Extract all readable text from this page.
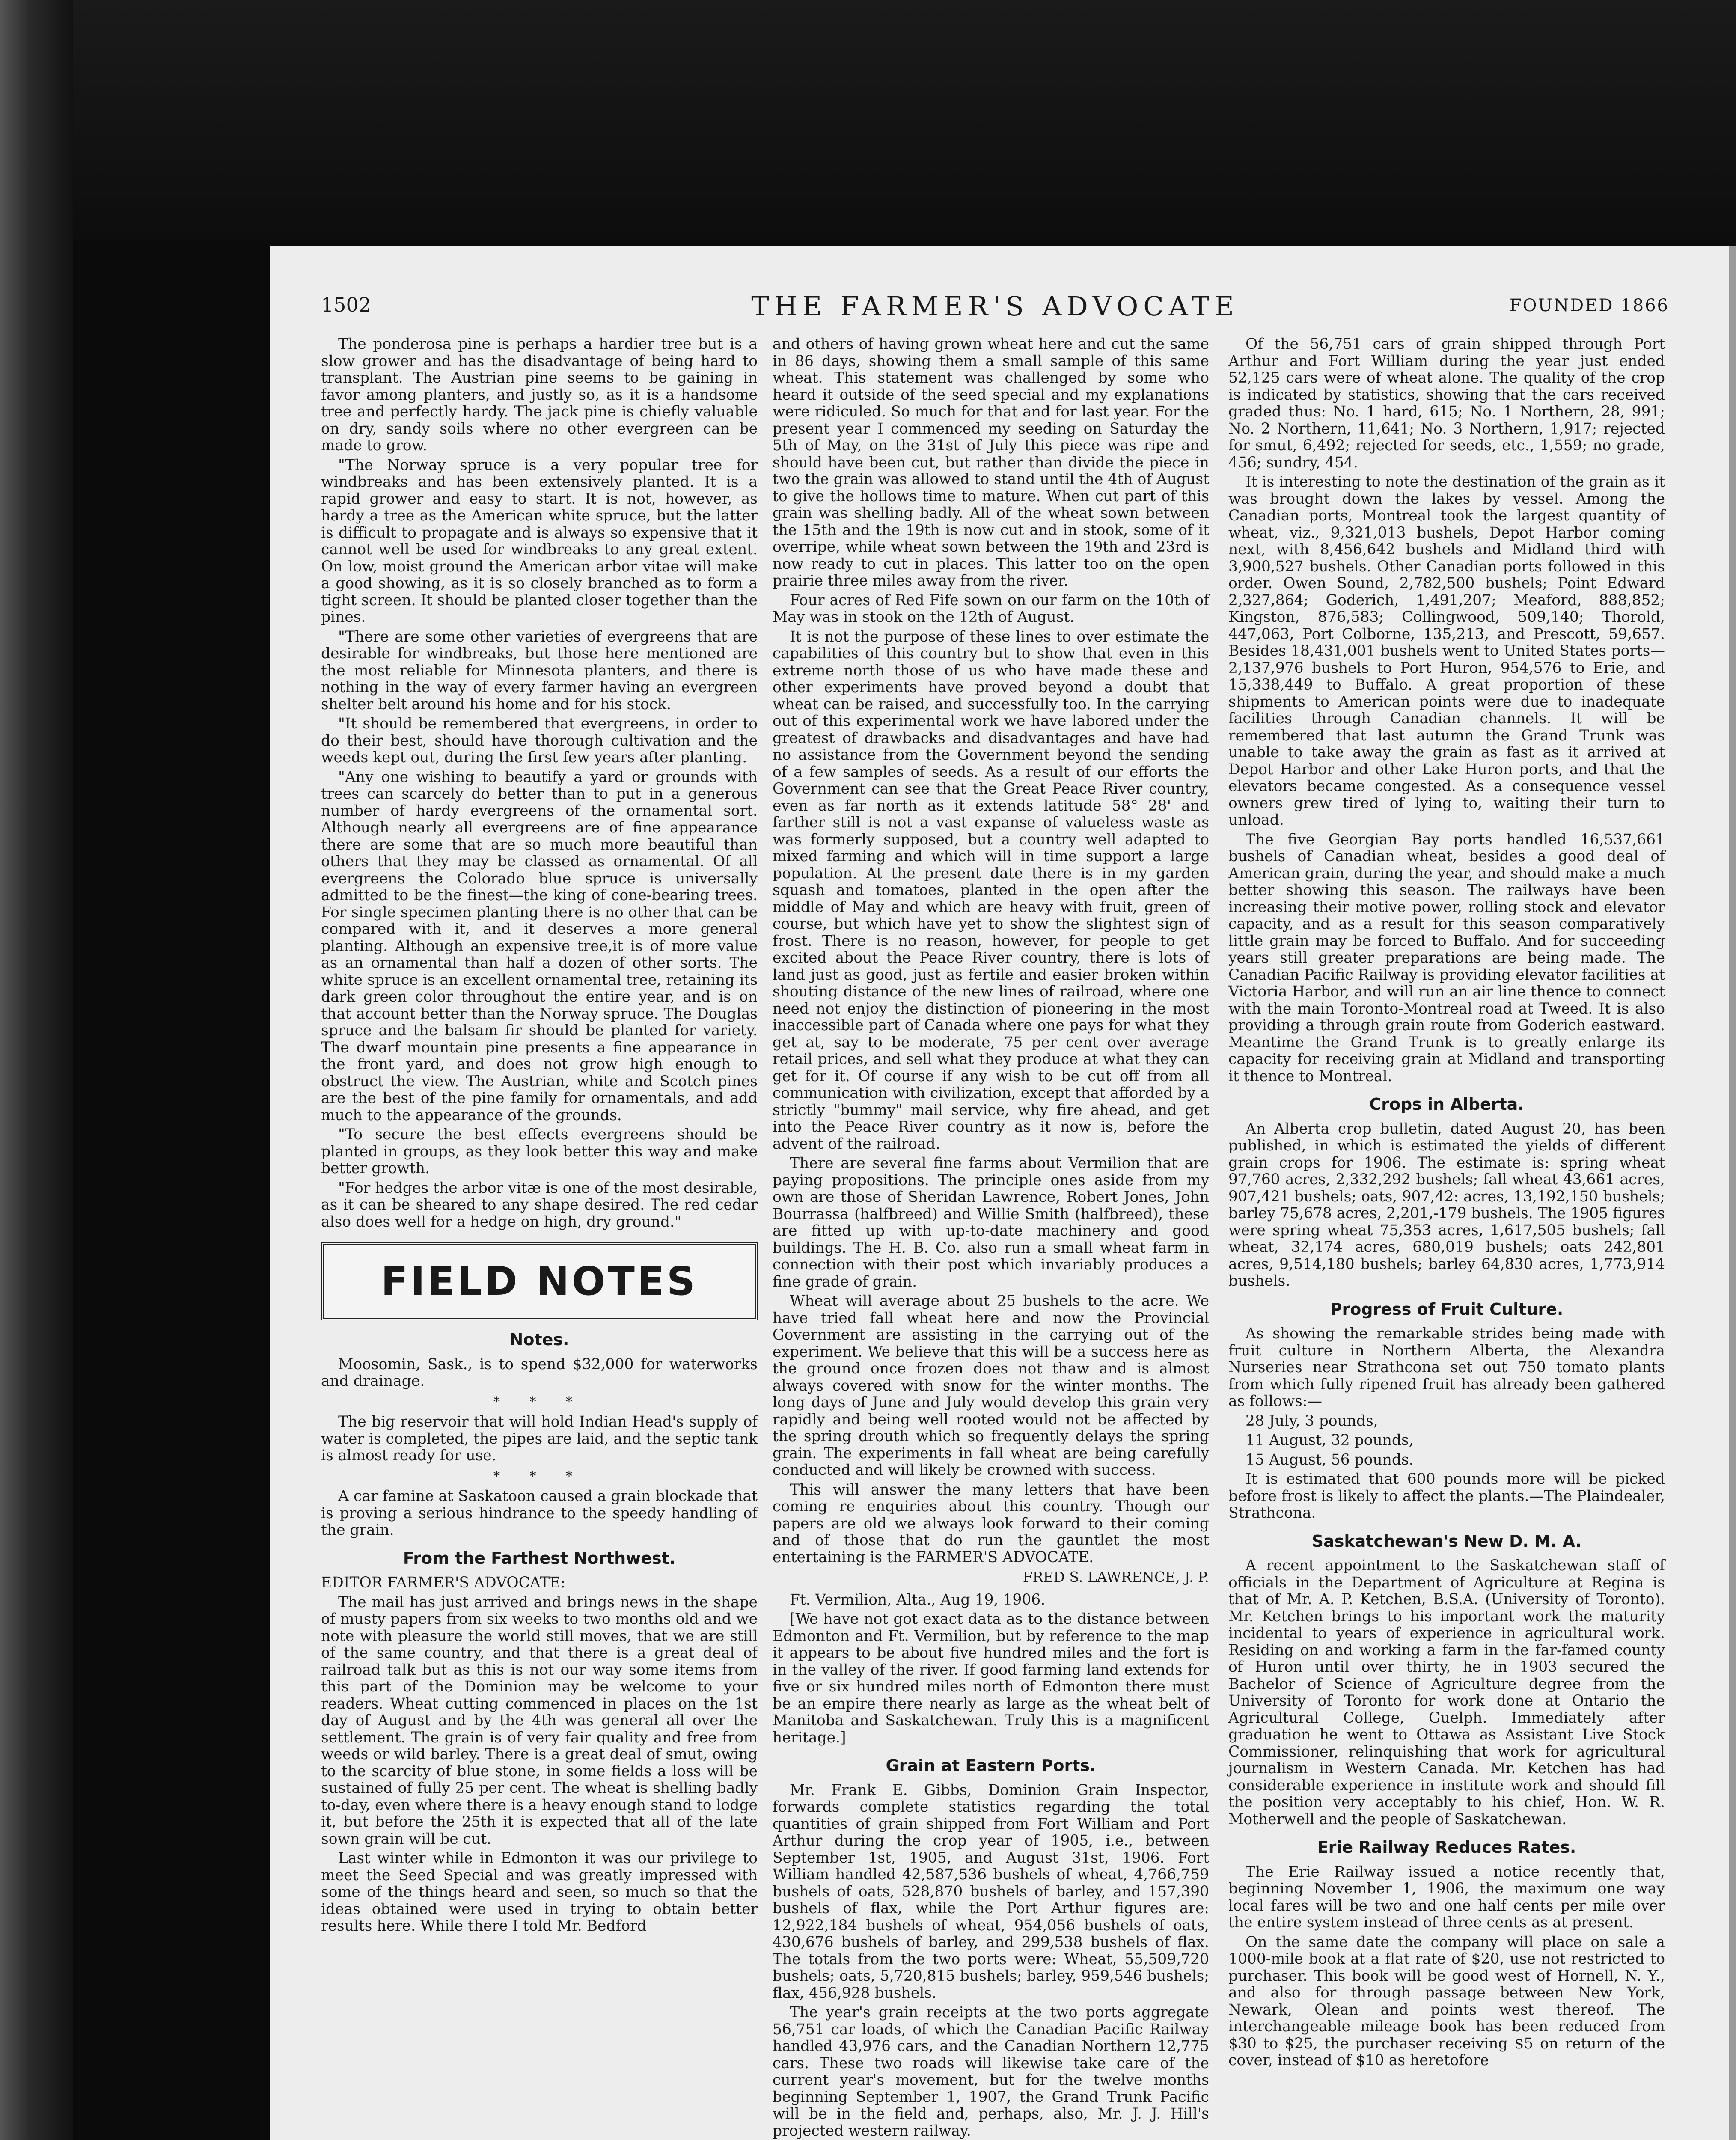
1502	THE FARMER'S ADVOCATE	FOUNDED 1866

The ponderosa pine is perhaps a hardier tree but is a slow grower and has the disadvantage of being hard to transplant. The Austrian pine seems to be gaining in favor among planters, and justly so, as it is a handsome tree and perfectly hardy. The jack pine is chiefly valuable on dry, sandy soils where no other evergreen can be made to grow.

"The Norway spruce is a very popular tree for windbreaks and has been extensively planted. It is a rapid grower and easy to start. It is not, however, as hardy a tree as the American white spruce, but the latter is difficult to propagate and is always so expensive that it cannot well be used for windbreaks to any great extent. On low, moist ground the American arbor vitae will make a good showing, as it is so closely branched as to form a tight screen. It should be planted closer together than the pines.

"There are some other varieties of evergreens that are desirable for windbreaks, but those here mentioned are the most reliable for Minnesota planters, and there is nothing in the way of every farmer having an evergreen shelter belt around his home and for his stock.

"It should be remembered that evergreens, in order to do their best, should have thorough cultivation and the weeds kept out, during the first few years after planting.

"Any one wishing to beautify a yard or grounds with trees can scarcely do better than to put in a generous number of hardy evergreens of the ornamental sort. Although nearly all evergreens are of fine appearance there are some that are so much more beautiful than others that they may be classed as ornamental. Of all evergreens the Colorado blue spruce is universally admitted to be the finest—the king of cone-bearing trees. For single specimen planting there is no other that can be compared with it, and it deserves a more general planting. Although an expensive tree,it is of more value as an ornamental than half a dozen of other sorts. The white spruce is an excellent ornamental tree, retaining its dark green color throughout the entire year, and is on that account better than the Norway spruce. The Douglas spruce and the balsam fir should be planted for variety. The dwarf mountain pine presents a fine appearance in the front yard, and does not grow high enough to obstruct the view. The Austrian, white and Scotch pines are the best of the pine family for ornamentals, and add much to the appearance of the grounds.

"To secure the best effects evergreens should be planted in groups, as they look better this way and make better growth.

"For hedges the arbor vitæ is one of the most desirable, as it can be sheared to any shape desired. The red cedar also does well for a hedge on high, dry ground."

FIELD NOTES
Notes.

Moosomin, Sask., is to spend $32,000 for waterworks and drainage.

* * *

The big reservoir that will hold Indian Head's supply of water is completed, the pipes are laid, and the septic tank is almost ready for use.

* * *

A car famine at Saskatoon caused a grain blockade that is proving a serious hindrance to the speedy handling of the grain.

From the Farthest Northwest.

EDITOR FARMER'S ADVOCATE:

The mail has just arrived and brings news in the shape of musty papers from six weeks to two months old and we note with pleasure the world still moves, that we are still of the same country, and that there is a great deal of railroad talk but as this is not our way some items from this part of the Dominion may be welcome to your readers. Wheat cutting commenced in places on the 1st day of August and by the 4th was general all over the settlement. The grain is of very fair quality and free from weeds or wild barley. There is a great deal of smut, owing to the scarcity of blue stone, in some fields a loss will be sustained of fully 25 per cent. The wheat is shelling badly to-day, even where there is a heavy enough stand to lodge it, but before the 25th it is expected that all of the late sown grain will be cut.

Last winter while in Edmonton it was our privilege to meet the Seed Special and was greatly impressed with some of the things heard and seen, so much so that the ideas obtained were used in trying to obtain better results here. While there I told Mr. Bedford

and others of having grown wheat here and cut the same in 86 days, showing them a small sample of this same wheat. This statement was challenged by some who heard it outside of the seed special and my explanations were ridiculed. So much for that and for last year. For the present year I commenced my seeding on Saturday the 5th of May, on the 31st of July this piece was ripe and should have been cut, but rather than divide the piece in two the grain was allowed to stand until the 4th of August to give the hollows time to mature. When cut part of this grain was shelling badly. All of the wheat sown between the 15th and the 19th is now cut and in stook, some of it overripe, while wheat sown between the 19th and 23rd is now ready to cut in places. This latter too on the open prairie three miles away from the river.

Four acres of Red Fife sown on our farm on the 10th of May was in stook on the 12th of August.

It is not the purpose of these lines to over estimate the capabilities of this country but to show that even in this extreme north those of us who have made these and other experiments have proved beyond a doubt that wheat can be raised, and successfully too. In the carrying out of this experimental work we have labored under the greatest of drawbacks and disadvantages and have had no assistance from the Government beyond the sending of a few samples of seeds. As a result of our efforts the Government can see that the Great Peace River country, even as far north as it extends latitude 58° 28' and farther still is not a vast expanse of valueless waste as was formerly supposed, but a country well adapted to mixed farming and which will in time support a large population. At the present date there is in my garden squash and tomatoes, planted in the open after the middle of May and which are heavy with fruit, green of course, but which have yet to show the slightest sign of frost. There is no reason, however, for people to get excited about the Peace River country, there is lots of land just as good, just as fertile and easier broken within shouting distance of the new lines of railroad, where one need not enjoy the distinction of pioneering in the most inaccessible part of Canada where one pays for what they get at, say to be moderate, 75 per cent over average retail prices, and sell what they produce at what they can get for it. Of course if any wish to be cut off from all communication with civilization, except that afforded by a strictly "bummy" mail service, why fire ahead, and get into the Peace River country as it now is, before the advent of the railroad.

There are several fine farms about Vermilion that are paying propositions. The principle ones aside from my own are those of Sheridan Lawrence, Robert Jones, John Bourrassa (halfbreed) and Willie Smith (halfbreed), these are fitted up with up-to-date machinery and good buildings. The H. B. Co. also run a small wheat farm in connection with their post which invariably produces a fine grade of grain.

Wheat will average about 25 bushels to the acre. We have tried fall wheat here and now the Provincial Government are assisting in the carrying out of the experiment. We believe that this will be a success here as the ground once frozen does not thaw and is almost always covered with snow for the winter months. The long days of June and July would develop this grain very rapidly and being well rooted would not be affected by the spring drouth which so frequently delays the spring grain. The experiments in fall wheat are being carefully conducted and will likely be crowned with success.

This will answer the many letters that have been coming re enquiries about this country. Though our papers are old we always look forward to their coming and of those that do run the gauntlet the most entertaining is the FARMER'S ADVOCATE.

FRED S. LAWRENCE, J. P.

Ft. Vermilion, Alta., Aug 19, 1906.

[We have not got exact data as to the distance between Edmonton and Ft. Vermilion, but by reference to the map it appears to be about five hundred miles and the fort is in the valley of the river. If good farming land extends for five or six hundred miles north of Edmonton there must be an empire there nearly as large as the wheat belt of Manitoba and Saskatchewan. Truly this is a magnificent heritage.]

Grain at Eastern Ports.

Mr. Frank E. Gibbs, Dominion Grain Inspector, forwards complete statistics regarding the total quantities of grain shipped from Fort William and Port Arthur during the crop year of 1905, i.e., between September 1st, 1905, and August 31st, 1906. Fort William handled 42,587,536 bushels of wheat, 4,766,759 bushels of oats, 528,870 bushels of barley, and 157,390 bushels of flax, while the Port Arthur figures are: 12,922,184 bushels of wheat, 954,056 bushels of oats, 430,676 bushels of barley, and 299,538 bushels of flax. The totals from the two ports were: Wheat, 55,509,720 bushels; oats, 5,720,815 bushels; barley, 959,546 bushels; flax, 456,928 bushels.

The year's grain receipts at the two ports aggregate 56,751 car loads, of which the Canadian Pacific Railway handled 43,976 cars, and the Canadian Northern 12,775 cars. These two roads will likewise take care of the current year's movement, but for the twelve months beginning September 1, 1907, the Grand Trunk Pacific will be in the field and, perhaps, also, Mr. J. J. Hill's projected western railway.

Of the 56,751 cars of grain shipped through Port Arthur and Fort William during the year just ended 52,125 cars were of wheat alone. The quality of the crop is indicated by statistics, showing that the cars received graded thus: No. 1 hard, 615; No. 1 Northern, 28, 991; No. 2 Northern, 11,641; No. 3 Northern, 1,917; rejected for smut, 6,492; rejected for seeds, etc., 1,559; no grade, 456; sundry, 454.

It is interesting to note the destination of the grain as it was brought down the lakes by vessel. Among the Canadian ports, Montreal took the largest quantity of wheat, viz., 9,321,013 bushels, Depot Harbor coming next, with 8,456,642 bushels and Midland third with 3,900,527 bushels. Other Canadian ports followed in this order. Owen Sound, 2,782,500 bushels; Point Edward 2,327,864; Goderich, 1,491,207; Meaford, 888,852; Kingston, 876,583; Collingwood, 509,140; Thorold, 447,063, Port Colborne, 135,213, and Prescott, 59,657. Besides 18,431,001 bushels went to United States ports—2,137,976 bushels to Port Huron, 954,576 to Erie, and 15,338,449 to Buffalo. A great proportion of these shipments to American points were due to inadequate facilities through Canadian channels. It will be remembered that last autumn the Grand Trunk was unable to take away the grain as fast as it arrived at Depot Harbor and other Lake Huron ports, and that the elevators became congested. As a consequence vessel owners grew tired of lying to, waiting their turn to unload.

The five Georgian Bay ports handled 16,537,661 bushels of Canadian wheat, besides a good deal of American grain, during the year, and should make a much better showing this season. The railways have been increasing their motive power, rolling stock and elevator capacity, and as a result for this season comparatively little grain may be forced to Buffalo. And for succeeding years still greater preparations are being made. The Canadian Pacific Railway is providing elevator facilities at Victoria Harbor, and will run an air line thence to connect with the main Toronto-Montreal road at Tweed. It is also providing a through grain route from Goderich eastward. Meantime the Grand Trunk is to greatly enlarge its capacity for receiving grain at Midland and transporting it thence to Montreal.

Crops in Alberta.

An Alberta crop bulletin, dated August 20, has been published, in which is estimated the yields of different grain crops for 1906. The estimate is: spring wheat 97,760 acres, 2,332,292 bushels; fall wheat 43,661 acres, 907,421 bushels; oats, 907,42: acres, 13,192,150 bushels; barley 75,678 acres, 2,201,-179 bushels. The 1905 figures were spring wheat 75,353 acres, 1,617,505 bushels; fall wheat, 32,174 acres, 680,019 bushels; oats 242,801 acres, 9,514,180 bushels; barley 64,830 acres, 1,773,914 bushels.

Progress of Fruit Culture.

As showing the remarkable strides being made with fruit culture in Northern Alberta, the Alexandra Nurseries near Strathcona set out 750 tomato plants from which fully ripened fruit has already been gathered as follows:—

28 July, 3 pounds,

11 August, 32 pounds,

15 August, 56 pounds.

It is estimated that 600 pounds more will be picked before frost is likely to affect the plants.—The Plaindealer, Strathcona.

Saskatchewan's New D. M. A.

A recent appointment to the Saskatchewan staff of officials in the Department of Agriculture at Regina is that of Mr. A. P. Ketchen, B.S.A. (University of Toronto). Mr. Ketchen brings to his important work the maturity incidental to years of experience in agricultural work. Residing on and working a farm in the far-famed county of Huron until over thirty, he in 1903 secured the Bachelor of Science of Agriculture degree from the University of Toronto for work done at Ontario the Agricultural College, Guelph. Immediately after graduation he went to Ottawa as Assistant Live Stock Commissioner, relinquishing that work for agricultural journalism in Western Canada. Mr. Ketchen has had considerable experience in institute work and should fill the position very acceptably to his chief, Hon. W. R. Motherwell and the people of Saskatchewan.

Erie Railway Reduces Rates.

The Erie Railway issued a notice recently that, beginning November 1, 1906, the maximum one way local fares will be two and one half cents per mile over the entire system instead of three cents as at present.

On the same date the company will place on sale a 1000-mile book at a flat rate of $20, use not restricted to purchaser. This book will be good west of Hornell, N. Y., and also for through passage between New York, Newark, Olean and points west thereof. The interchangeable mileage book has been reduced from $30 to $25, the purchaser receiving $5 on return of the cover, instead of $10 as heretofore
